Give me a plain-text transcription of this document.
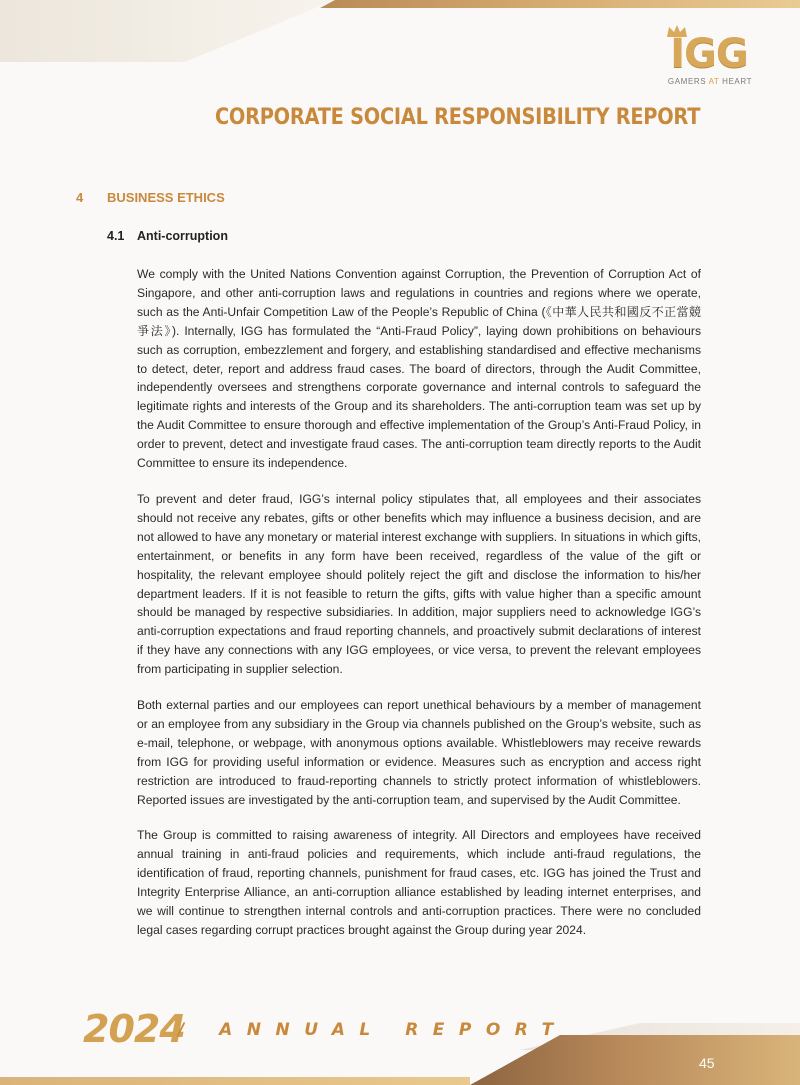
IGG
GAMERS AT HEART
CORPORATE SOCIAL RESPONSIBILITY REPORT
4 BUSINESS ETHICS
4.1 Anti-corruption

We comply with the United Nations Convention against Corruption, the Prevention of Corruption Act of Singapore, and other anti-corruption laws and regulations in countries and regions where we operate, such as the Anti-Unfair Competition Law of the People’s Republic of China (《中華人民共和國反不正當競爭法》). Internally, IGG has formulated the “Anti-Fraud Policy”, laying down prohibitions on behaviours such as corruption, embezzlement and forgery, and establishing standardised and effective mechanisms to detect, deter, report and address fraud cases. The board of directors, through the Audit Committee, independently oversees and strengthens corporate governance and internal controls to safeguard the legitimate rights and interests of the Group and its shareholders. The anti-corruption team was set up by the Audit Committee to ensure thorough and effective implementation of the Group’s Anti-Fraud Policy, in order to prevent, detect and investigate fraud cases. The anti-corruption team directly reports to the Audit Committee to ensure its independence.

To prevent and deter fraud, IGG’s internal policy stipulates that, all employees and their associates should not receive any rebates, gifts or other benefits which may influence a business decision, and are not allowed to have any monetary or material interest exchange with suppliers. In situations in which gifts, entertainment, or benefits in any form have been received, regardless of the value of the gift or hospitality, the relevant employee should politely reject the gift and disclose the information to his/her department leaders. If it is not feasible to return the gifts, gifts with value higher than a specific amount should be managed by respective subsidiaries. In addition, major suppliers need to acknowledge IGG’s anti-corruption expectations and fraud reporting channels, and proactively submit declarations of interest if they have any connections with any IGG employees, or vice versa, to prevent the relevant employees from participating in supplier selection.

Both external parties and our employees can report unethical behaviours by a member of management or an employee from any subsidiary in the Group via channels published on the Group’s website, such as e-mail, telephone, or webpage, with anonymous options available. Whistleblowers may receive rewards from IGG for providing useful information or evidence. Measures such as encryption and access right restriction are introduced to fraud-reporting channels to strictly protect information of whistleblowers. Reported issues are investigated by the anti-corruption team, and supervised by the Audit Committee.

The Group is committed to raising awareness of integrity. All Directors and employees have received annual training in anti-fraud policies and requirements, which include anti-fraud regulations, the identification of fraud, reporting channels, punishment for fraud cases, etc. IGG has joined the Trust and Integrity Enterprise Alliance, an anti-corruption alliance established by leading internet enterprises, and we will continue to strengthen internal controls and anti-corruption practices. There were no concluded legal cases regarding corrupt practices brought against the Group during year 2024.

2024
/ ANNUAL REPORT
45
